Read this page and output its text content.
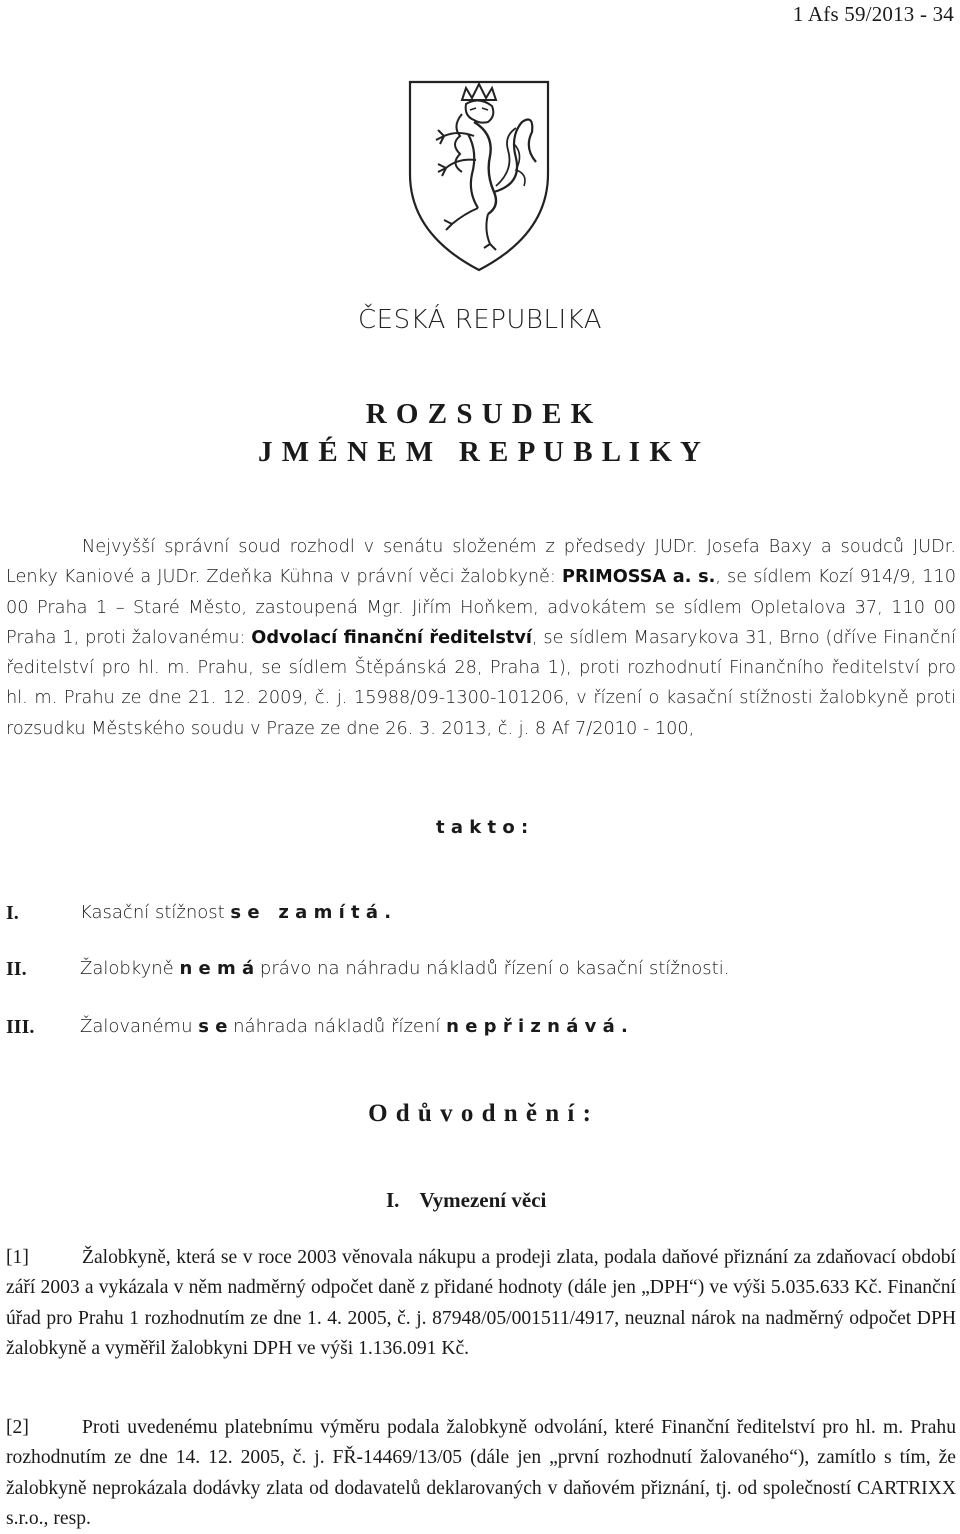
1 Afs 59/2013 - 34
ČESKÁ REPUBLIKA
R O Z S U D E K
J M É N E M   R E P U B L I K Y

Nejvyšší správní soud rozhodl v senátu složeném z předsedy JUDr. Josefa Baxy a soudců JUDr. Lenky Kaniové a JUDr. Zdeňka Kühna v právní věci žalobkyně: PRIMOSSA a. s., se sídlem Kozí 914/9, 110 00 Praha 1 – Staré Město, zastoupená Mgr. Jiřím Hoňkem, advokátem se sídlem Opletalova 37, 110 00 Praha 1, proti žalovanému: Odvolací finanční ředitelství, se sídlem Masarykova 31, Brno (dříve Finanční ředitelství pro hl. m. Prahu, se sídlem Štěpánská 28, Praha 1), proti rozhodnutí Finančního ředitelství pro hl. m. Prahu ze dne 21. 12. 2009, č. j. 15988/09-1300-101206, v řízení o kasační stížnosti žalobkyně proti rozsudku Městského soudu v Praze ze dne 26. 3. 2013, č. j. 8 Af 7/2010 - 100,

t a k t o :
I.	Kasační stížnost s e   z a m í t á .
II.	Žalobkyně n e m á právo na náhradu nákladů řízení o kasační stížnosti.
III.	Žalovanému s e náhrada nákladů řízení n e p ř i z n á v á .
O d ů v o d n ě n í :
I. Vymezení věci

[1]	Žalobkyně, která se v roce 2003 věnovala nákupu a prodeji zlata, podala daňové přiznání za zdaňovací období září 2003 a vykázala v něm nadměrný odpočet daně z přidané hodnoty (dále jen „DPH“) ve výši 5.035.633 Kč. Finanční úřad pro Prahu 1 rozhodnutím ze dne 1. 4. 2005, č. j. 87948/05/001511/4917, neuznal nárok na nadměrný odpočet DPH žalobkyně a vyměřil žalobkyni DPH ve výši 1.136.091 Kč.

[2]	Proti uvedenému platebnímu výměru podala žalobkyně odvolání, které Finanční ředitelství pro hl. m. Prahu rozhodnutím ze dne 14. 12. 2005, č. j. FŘ-14469/13/05 (dále jen „první rozhodnutí žalovaného“), zamítlo s tím, že žalobkyně neprokázala dodávky zlata od dodavatelů deklarovaných v daňovém přiznání, tj. od společností CARTRIXX s.r.o., resp.
